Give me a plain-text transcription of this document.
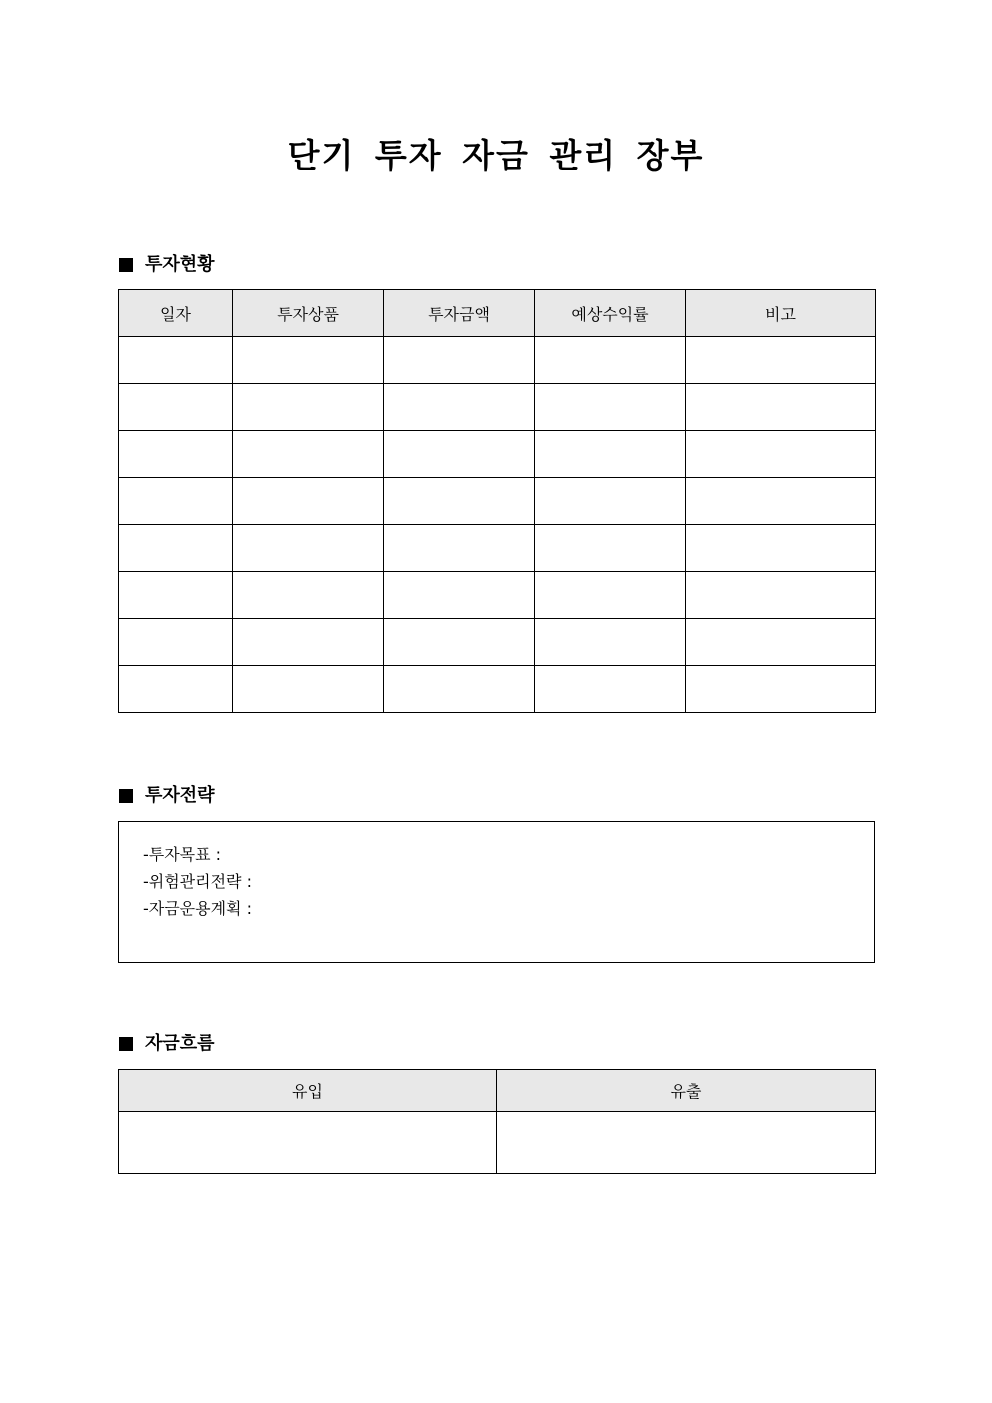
단기 투자 자금 관리 장부
투자현황
일자	투자상품	투자금액	예상수익률	비고

투자전략
-투자목표 :
-위험관리전략 :
-자금운용계획 :
자금흐름
유입	유출
